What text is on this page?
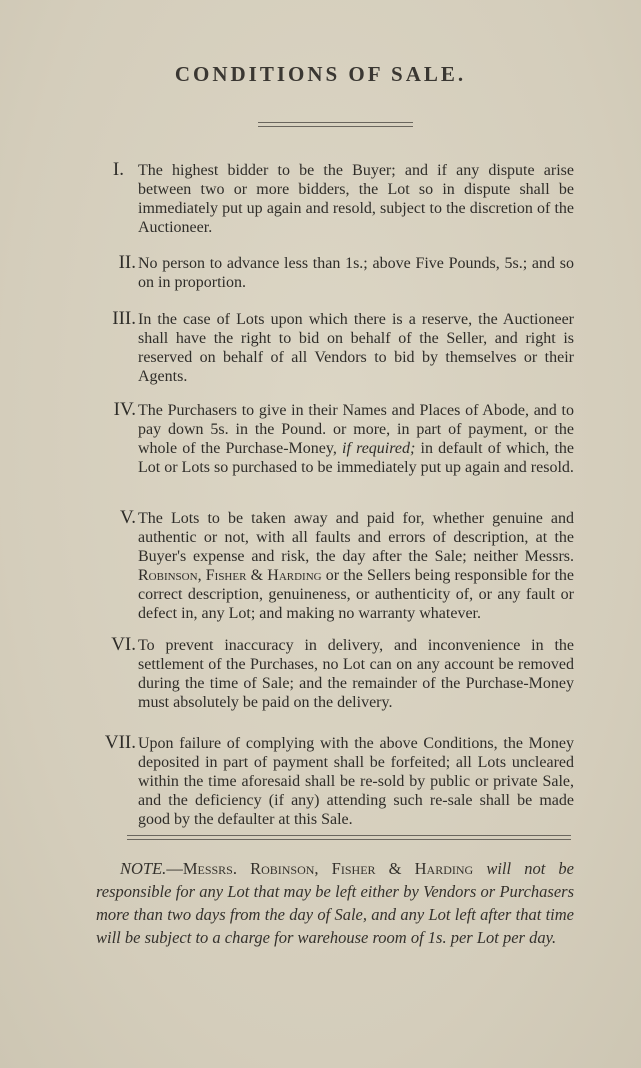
CONDITIONS OF SALE.
I. The highest bidder to be the Buyer; and if any dispute arise between two or more bidders, the Lot so in dispute shall be immediately put up again and resold, subject to the discretion of the Auctioneer.
II. No person to advance less than 1s.; above Five Pounds, 5s.; and so on in proportion.
III. In the case of Lots upon which there is a reserve, the Auctioneer shall have the right to bid on behalf of the Seller, and right is reserved on behalf of all Vendors to bid by themselves or their Agents.
IV. The Purchasers to give in their Names and Places of Abode, and to pay down 5s. in the Pound. or more, in part of payment, or the whole of the Purchase-Money, if required; in default of which, the Lot or Lots so purchased to be immediately put up again and resold.
V. The Lots to be taken away and paid for, whether genuine and authentic or not, with all faults and errors of description, at the Buyer's expense and risk, the day after the Sale; neither Messrs. Robinson, Fisher & Harding or the Sellers being responsible for the correct description, genuineness, or authenticity of, or any fault or defect in, any Lot; and making no warranty whatever.
VI. To prevent inaccuracy in delivery, and inconvenience in the settlement of the Purchases, no Lot can on any account be removed during the time of Sale; and the remainder of the Purchase-Money must absolutely be paid on the delivery.
VII. Upon failure of complying with the above Conditions, the Money deposited in part of payment shall be forfeited; all Lots uncleared within the time aforesaid shall be re-sold by public or private Sale, and the deficiency (if any) attending such re-sale shall be made good by the defaulter at this Sale.
NOTE.—Messrs. Robinson, Fisher & Harding will not be responsible for any Lot that may be left either by Vendors or Purchasers more than two days from the day of Sale, and any Lot left after that time will be subject to a charge for warehouse room of 1s. per Lot per day.
